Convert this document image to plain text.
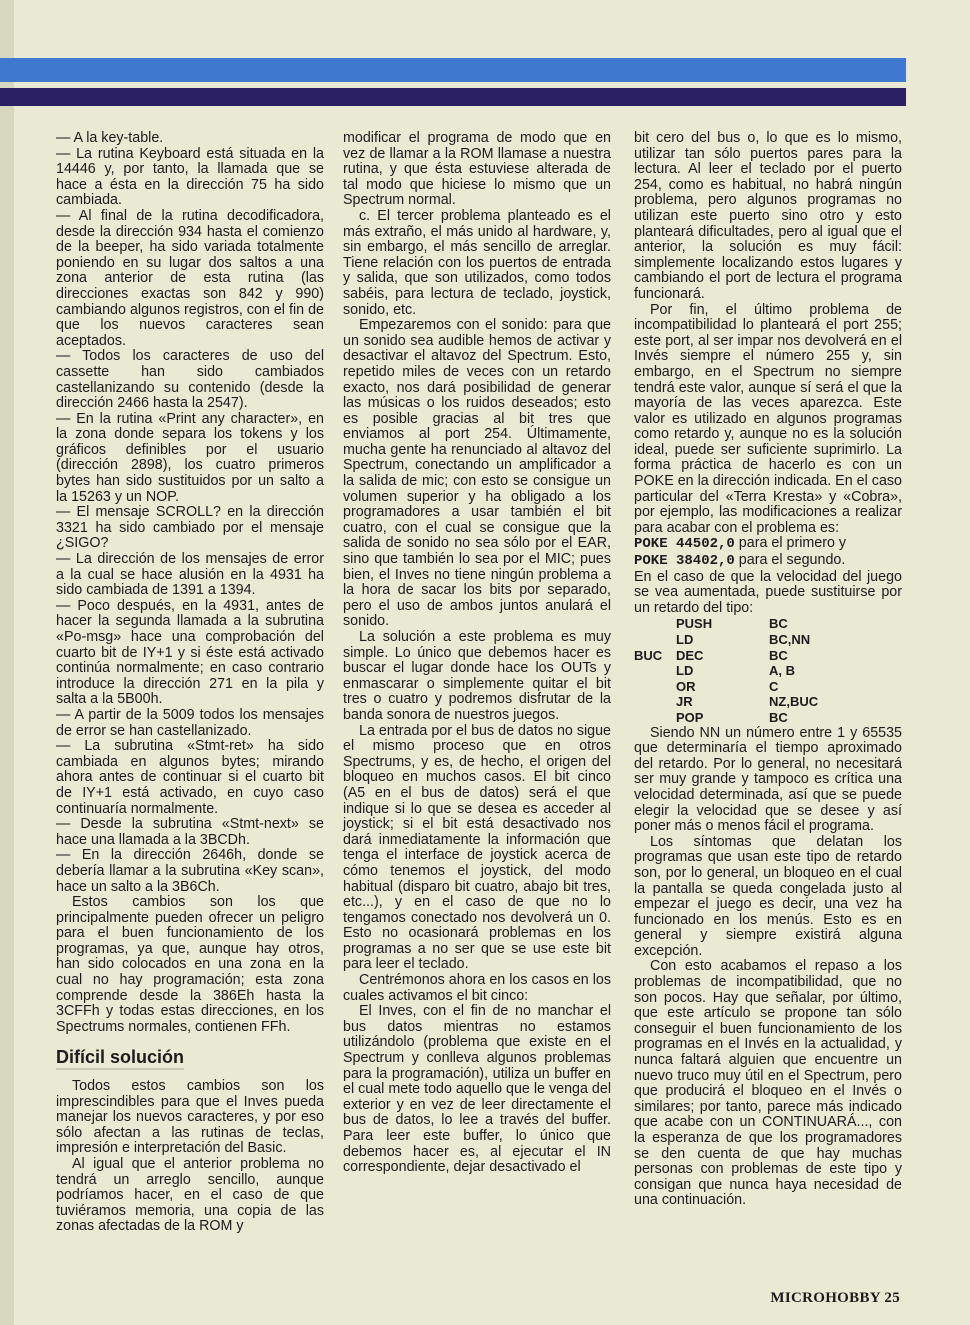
— A la key-table.

— La rutina Keyboard está situada en la 14446 y, por tanto, la llamada que se hace a ésta en la dirección 75 ha sido cambiada.

— Al final de la rutina decodificadora, desde la dirección 934 hasta el comienzo de la beeper, ha sido variada totalmente poniendo en su lugar dos saltos a una zona anterior de esta rutina (las direcciones exactas son 842 y 990) cambiando algunos registros, con el fin de que los nuevos caracteres sean aceptados.

— Todos los caracteres de uso del cassette han sido cambiados castellanizando su contenido (desde la dirección 2466 hasta la 2547).

— En la rutina «Print any character», en la zona donde separa los tokens y los gráficos definibles por el usuario (dirección 2898), los cuatro primeros bytes han sido sustituidos por un salto a la 15263 y un NOP.

— El mensaje SCROLL? en la dirección 3321 ha sido cambiado por el mensaje ¿SIGO?

— La dirección de los mensajes de error a la cual se hace alusión en la 4931 ha sido cambiada de 1391 a 1394.

— Poco después, en la 4931, antes de hacer la segunda llamada a la subrutina «Po-msg» hace una comprobación del cuarto bit de IY+1 y si éste está activado continúa normalmente; en caso contrario introduce la dirección 271 en la pila y salta a la 5B00h.

— A partir de la 5009 todos los mensajes de error se han castellanizado.

— La subrutina «Stmt-ret» ha sido cambiada en algunos bytes; mirando ahora antes de continuar si el cuarto bit de IY+1 está activado, en cuyo caso continuaría normalmente.

— Desde la subrutina «Stmt-next» se hace una llamada a la 3BCDh.

— En la dirección 2646h, donde se debería llamar a la subrutina «Key scan», hace un salto a la 3B6Ch.

Estos cambios son los que principalmente pueden ofrecer un peligro para el buen funcionamiento de los programas, ya que, aunque hay otros, han sido colocados en una zona en la cual no hay programación; esta zona comprende desde la 386Eh hasta la 3CFFh y todas estas direcciones, en los Spectrums normales, contienen FFh.

Difícil solución

Todos estos cambios son los imprescindibles para que el Inves pueda manejar los nuevos caracteres, y por eso sólo afectan a las rutinas de teclas, impresión e interpretación del Basic.

Al igual que el anterior problema no tendrá un arreglo sencillo, aunque podríamos hacer, en el caso de que tuviéramos memoria, una copia de las zonas afectadas de la ROM y

modificar el programa de modo que en vez de llamar a la ROM llamase a nuestra rutina, y que ésta estuviese alterada de tal modo que hiciese lo mismo que un Spectrum normal.

c. El tercer problema planteado es el más extraño, el más unido al hardware, y, sin embargo, el más sencillo de arreglar. Tiene relación con los puertos de entrada y salida, que son utilizados, como todos sabéis, para lectura de teclado, joystick, sonido, etc.

Empezaremos con el sonido: para que un sonido sea audible hemos de activar y desactivar el altavoz del Spectrum. Esto, repetido miles de veces con un retardo exacto, nos dará posibilidad de generar las músicas o los ruidos deseados; esto es posible gracias al bit tres que enviamos al port 254. Últimamente, mucha gente ha renunciado al altavoz del Spectrum, conectando un amplificador a la salida de mic; con esto se consigue un volumen superior y ha obligado a los programadores a usar también el bit cuatro, con el cual se consigue que la salida de sonido no sea sólo por el EAR, sino que también lo sea por el MIC; pues bien, el Inves no tiene ningún problema a la hora de sacar los bits por separado, pero el uso de ambos juntos anulará el sonido.

La solución a este problema es muy simple. Lo único que debemos hacer es buscar el lugar donde hace los OUTs y enmascarar o simplemente quitar el bit tres o cuatro y podremos disfrutar de la banda sonora de nuestros juegos.

La entrada por el bus de datos no sigue el mismo proceso que en otros Spectrums, y es, de hecho, el origen del bloqueo en muchos casos. El bit cinco (A5 en el bus de datos) será el que indique si lo que se desea es acceder al joystick; si el bit está desactivado nos dará inmediatamente la información que tenga el interface de joystick acerca de cómo tenemos el joystick, del modo habitual (disparo bit cuatro, abajo bit tres, etc...), y en el caso de que no lo tengamos conectado nos devolverá un 0. Esto no ocasionará problemas en los programas a no ser que se use este bit para leer el teclado.

Centrémonos ahora en los casos en los cuales activamos el bit cinco:

El Inves, con el fin de no manchar el bus datos mientras no estamos utilizándolo (problema que existe en el Spectrum y conlleva algunos problemas para la programación), utiliza un buffer en el cual mete todo aquello que le venga del exterior y en vez de leer directamente el bus de datos, lo lee a través del buffer. Para leer este buffer, lo único que debemos hacer es, al ejecutar el IN correspondiente, dejar desactivado el

bit cero del bus o, lo que es lo mismo, utilizar tan sólo puertos pares para la lectura. Al leer el teclado por el puerto 254, como es habitual, no habrá ningún problema, pero algunos programas no utilizan este puerto sino otro y esto planteará dificultades, pero al igual que el anterior, la solución es muy fácil: simplemente localizando estos lugares y cambiando el port de lectura el programa funcionará.

Por fin, el último problema de incompatibilidad lo planteará el port 255; este port, al ser impar nos devolverá en el Invés siempre el número 255 y, sin embargo, en el Spectrum no siempre tendrá este valor, aunque sí será el que la mayoría de las veces aparezca. Este valor es utilizado en algunos programas como retardo y, aunque no es la solución ideal, puede ser suficiente suprimirlo. La forma práctica de hacerlo es con un POKE en la dirección indicada. En el caso particular del «Terra Kresta» y «Cobra», por ejemplo, las modificaciones a realizar para acabar con el problema es:

POKE 44502,0 para el primero y

POKE 38402,0 para el segundo.

En el caso de que la velocidad del juego se vea aumentada, puede sustituirse por un retardo del tipo:

	PUSH	BC
	LD	BC,NN
BUC	DEC	BC
	LD	A, B
	OR	C
	JR	NZ,BUC
	POP	BC

Siendo NN un número entre 1 y 65535 que determinaría el tiempo aproximado del retardo. Por lo general, no necesitará ser muy grande y tampoco es crítica una velocidad determinada, así que se puede elegir la velocidad que se desee y así poner más o menos fácil el programa.

Los síntomas que delatan los programas que usan este tipo de retardo son, por lo general, un bloqueo en el cual la pantalla se queda congelada justo al empezar el juego es decir, una vez ha funcionado en los menús. Esto es en general y siempre existirá alguna excepción.

Con esto acabamos el repaso a los problemas de incompatibilidad, que no son pocos. Hay que señalar, por último, que este artículo se propone tan sólo conseguir el buen funcionamiento de los programas en el Invés en la actualidad, y nunca faltará alguien que encuentre un nuevo truco muy útil en el Spectrum, pero que producirá el bloqueo en el Invés o similares; por tanto, parece más indicado que acabe con un CONTINUARÁ..., con la esperanza de que los programadores se den cuenta de que hay muchas personas con problemas de este tipo y consigan que nunca haya necesidad de una continuación.

MICROHOBBY 25
